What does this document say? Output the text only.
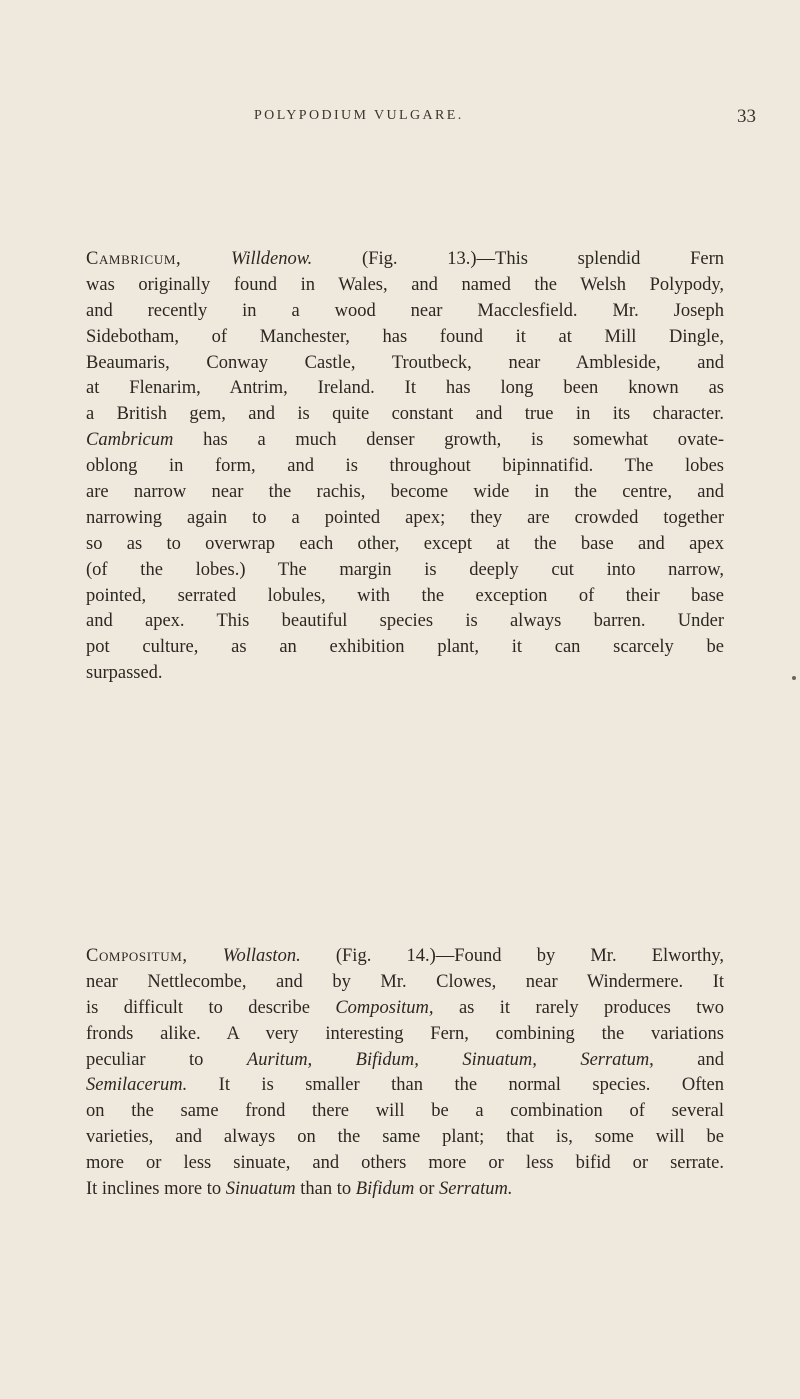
POLYPODIUM VULGARE.	33
Cambricum,	Willdenow. (Fig. 13.)—This splendid Fern
was originally found in Wales, and named the Welsh Polypody,
and recently in a wood near Macclesfield. Mr. Joseph
Sidebotham, of Manchester, has found it at Mill Dingle,
Beaumaris, Conway Castle, Troutbeck, near Ambleside, and
at Flenarim, Antrim, Ireland. It has long been known as
a British gem, and is quite constant and true in its character.
Cambricum has a much denser growth, is somewhat ovate-
oblong in form, and is throughout bipinnatifid. The lobes
are narrow near the rachis, become wide in the centre, and
narrowing again to a pointed apex; they are crowded together
so as to overwrap each other, except at the base and apex
(of the lobes.) The margin is deeply cut into narrow,
pointed, serrated lobules, with the exception of their base
and apex. This beautiful species is always barren. Under
pot culture, as an exhibition plant, it can scarcely be
surpassed.
Compositum, Wollaston. (Fig. 14.)—Found by Mr. Elworthy,
near Nettlecombe, and by Mr. Clowes, near Windermere. It
is difficult to describe Compositum, as it rarely produces two
fronds alike. A very interesting Fern, combining the variations
peculiar to Auritum, Bifidum, Sinuatum, Serratum, and
Semilacerum. It is smaller than the normal species. Often
on the same frond there will be a combination of several
varieties, and always on the same plant; that is, some will be
more or less sinuate, and others more or less bifid or serrate.
It inclines more to Sinuatum than to Bifidum or Serratum.
